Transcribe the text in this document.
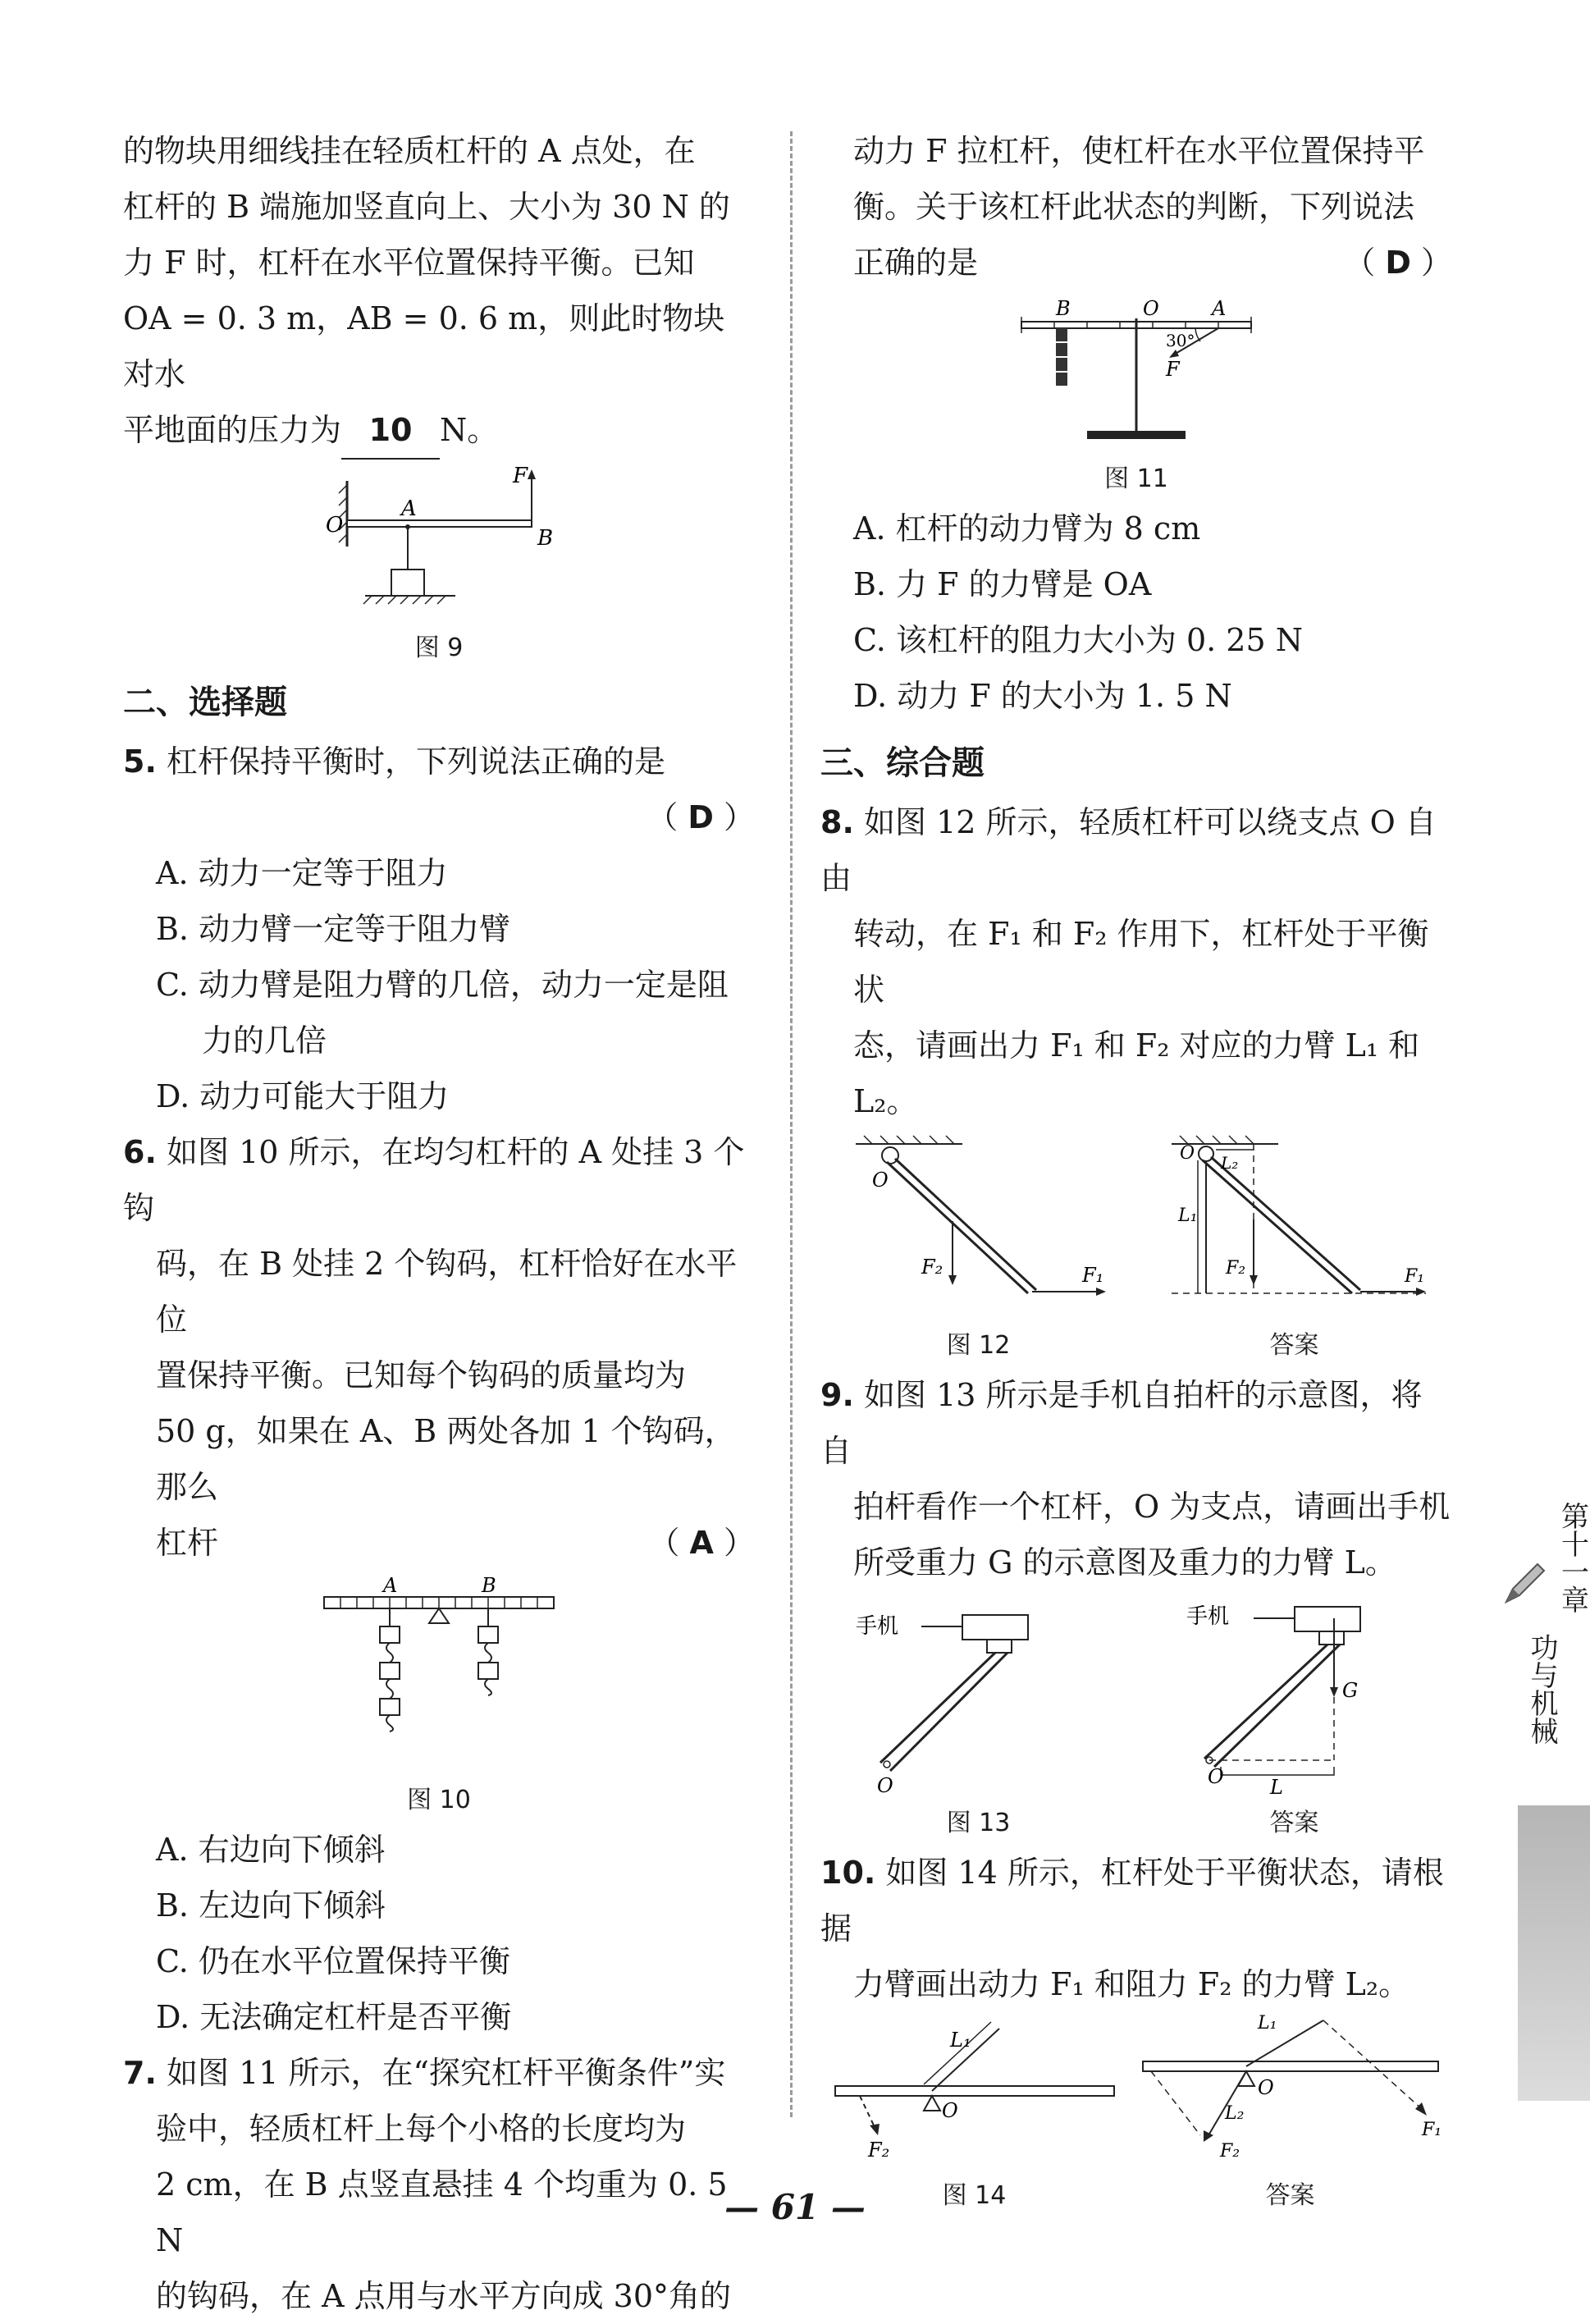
的物块用细线挂在轻质杠杆的 A 点处，在

杠杆的 B 端施加竖直向上、大小为 30 N 的

力 F 时，杠杆在水平位置保持平衡。已知

OA = 0. 3 m，AB = 0. 6 m，则此时物块对水

平地面的压力为 10 N。

O
A
B
F
图 9

二、选择题

5. 杠杆保持平衡时，下列说法正确的是

（
D
）

A. 动力一定等于阻力

B. 动力臂一定等于阻力臂

C. 动力臂是阻力臂的几倍，动力一定是阻

力的几倍

D. 动力可能大于阻力

6. 如图 10 所示，在均匀杠杆的 A 处挂 3 个钩

码，在 B 处挂 2 个钩码，杠杆恰好在水平位

置保持平衡。已知每个钩码的质量均为

50 g，如果在 A、B 两处各加 1 个钩码，那么

杠杆	（ A ）
A	B
图 10

A. 右边向下倾斜

B. 左边向下倾斜

C. 仍在水平位置保持平衡

D. 无法确定杠杆是否平衡

7. 如图 11 所示，在“探究杠杆平衡条件”实

验中，轻质杠杆上每个小格的长度均为

2 cm，在 B 点竖直悬挂 4 个均重为 0. 5 N

的钩码，在 A 点用与水平方向成 30°角的

动力 F 拉杠杆，使杠杆在水平位置保持平

衡。关于该杠杆此状态的判断，下列说法

正确的是	（ D ）
B	O	A
30°
F
图 11

A. 杠杆的动力臂为 8 cm

B. 力 F 的力臂是 OA

C. 该杠杆的阻力大小为 0. 25 N

D. 动力 F 的大小为 1. 5 N

三、综合题

8. 如图 12 所示，轻质杠杆可以绕支点 O 自由

转动，在 F₁ 和 F₂ 作用下，杠杆处于平衡状

态，请画出力 F₁ 和 F₂ 对应的力臂 L₁ 和 L₂。

O
F₂	F₁
图 12
O
L₁
L₂
F₂	F₁
答案

9. 如图 13 所示是手机自拍杆的示意图，将自

拍杆看作一个杠杆，O 为支点，请画出手机

所受重力 G 的示意图及重力的力臂 L。

手机
O
图 13
手机
G
O L
答案

10. 如图 14 所示，杠杆处于平衡状态，请根据

力臂画出动力 F₁ 和阻力 F₂ 的力臂 L₂。

O
L₁
F₂
图 14
O
L₁
L₂
F₂
F₁
答案
第十一章 功与机械
— 61 —
